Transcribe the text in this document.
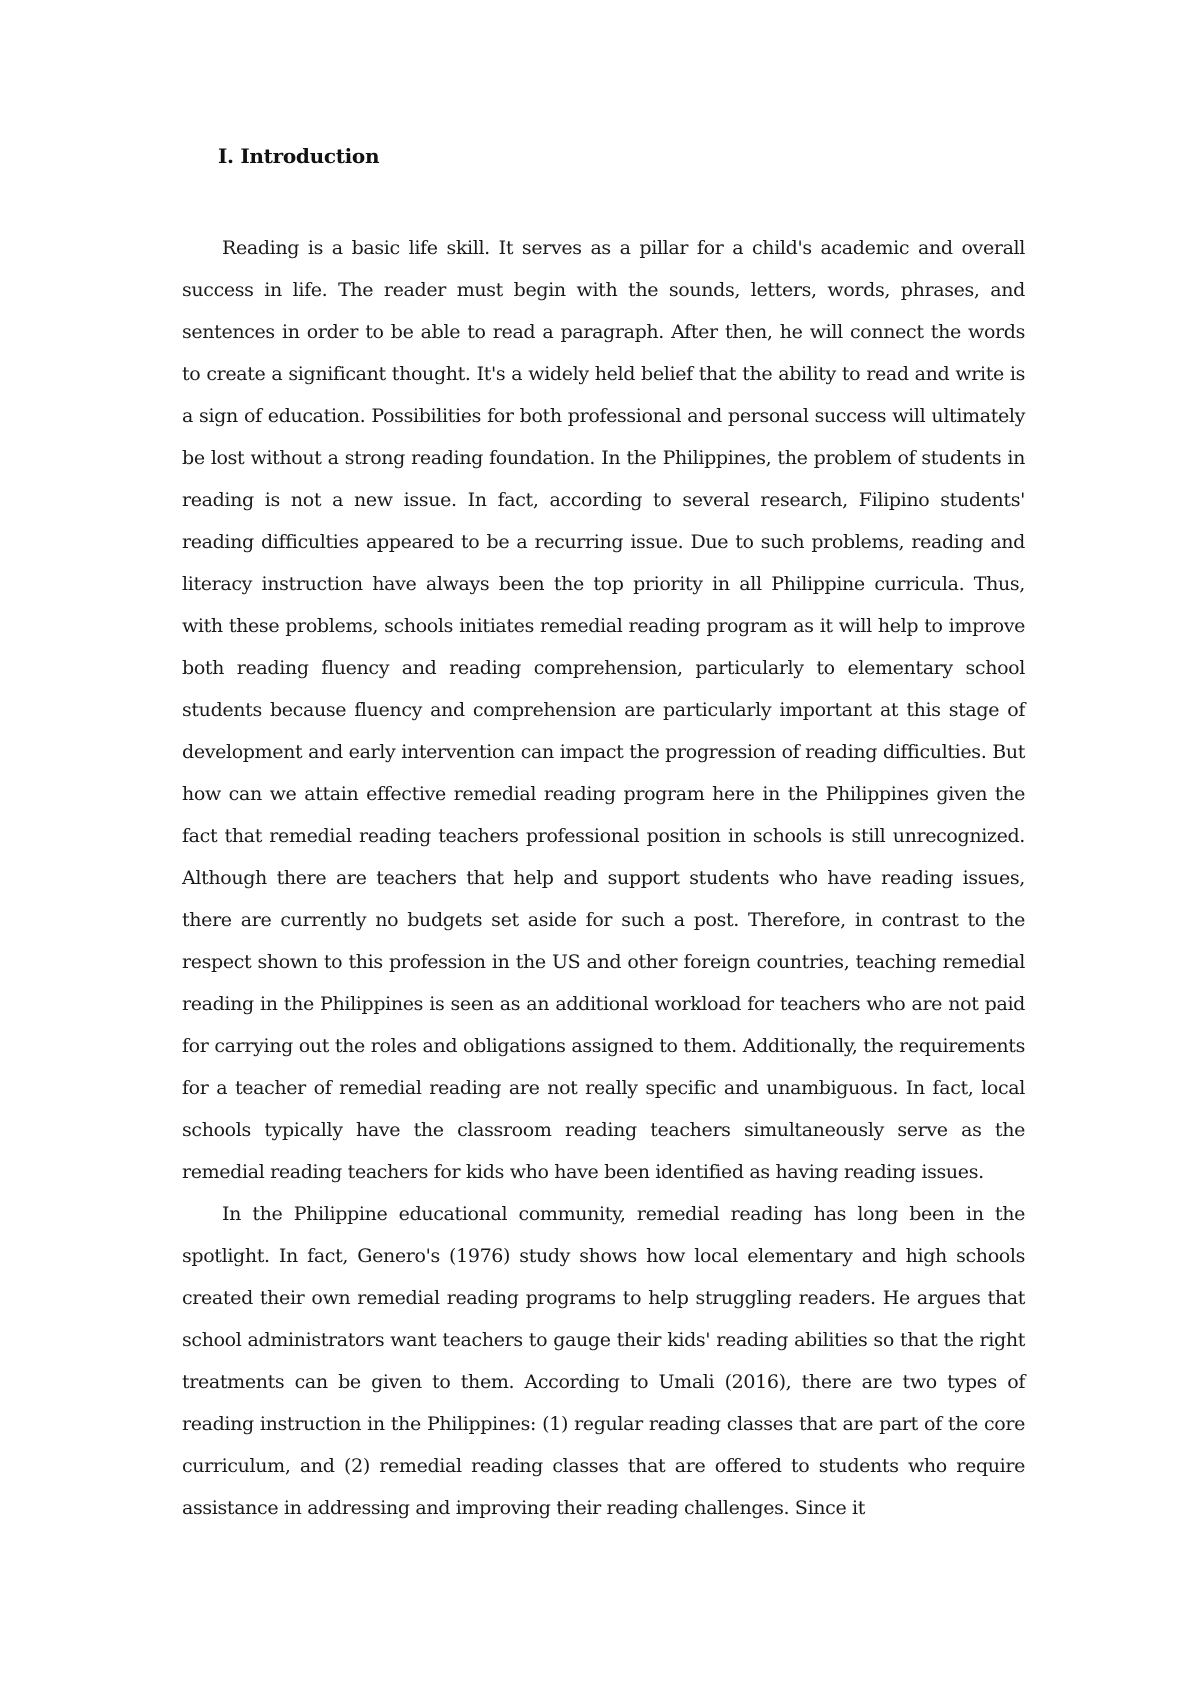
I. Introduction

Reading is a basic life skill. It serves as a pillar for a child's academic and overall success in life. The reader must begin with the sounds, letters, words, phrases, and sentences in order to be able to read a paragraph. After then, he will connect the words to create a significant thought. It's a widely held belief that the ability to read and write is a sign of education. Possibilities for both professional and personal success will ultimately be lost without a strong reading foundation. In the Philippines, the problem of students in reading is not a new issue. In fact, according to several research, Filipino students' reading difficulties appeared to be a recurring issue. Due to such problems, reading and literacy instruction have always been the top priority in all Philippine curricula. Thus, with these problems, schools initiates remedial reading program as it will help to improve both reading fluency and reading comprehension, particularly to elementary school students because fluency and comprehension are particularly important at this stage of development and early intervention can impact the progression of reading difficulties. But how can we attain effective remedial reading program here in the Philippines given the fact that remedial reading teachers professional position in schools is still unrecognized. Although there are teachers that help and support students who have reading issues, there are currently no budgets set aside for such a post. Therefore, in contrast to the respect shown to this profession in the US and other foreign countries, teaching remedial reading in the Philippines is seen as an additional workload for teachers who are not paid for carrying out the roles and obligations assigned to them. Additionally, the requirements for a teacher of remedial reading are not really specific and unambiguous. In fact, local schools typically have the classroom reading teachers simultaneously serve as the remedial reading teachers for kids who have been identified as having reading issues.

In the Philippine educational community, remedial reading has long been in the spotlight. In fact, Genero's (1976) study shows how local elementary and high schools created their own remedial reading programs to help struggling readers. He argues that school administrators want teachers to gauge their kids' reading abilities so that the right treatments can be given to them. According to Umali (2016), there are two types of reading instruction in the Philippines: (1) regular reading classes that are part of the core curriculum, and (2) remedial reading classes that are offered to students who require assistance in addressing and improving their reading challenges. Since it
